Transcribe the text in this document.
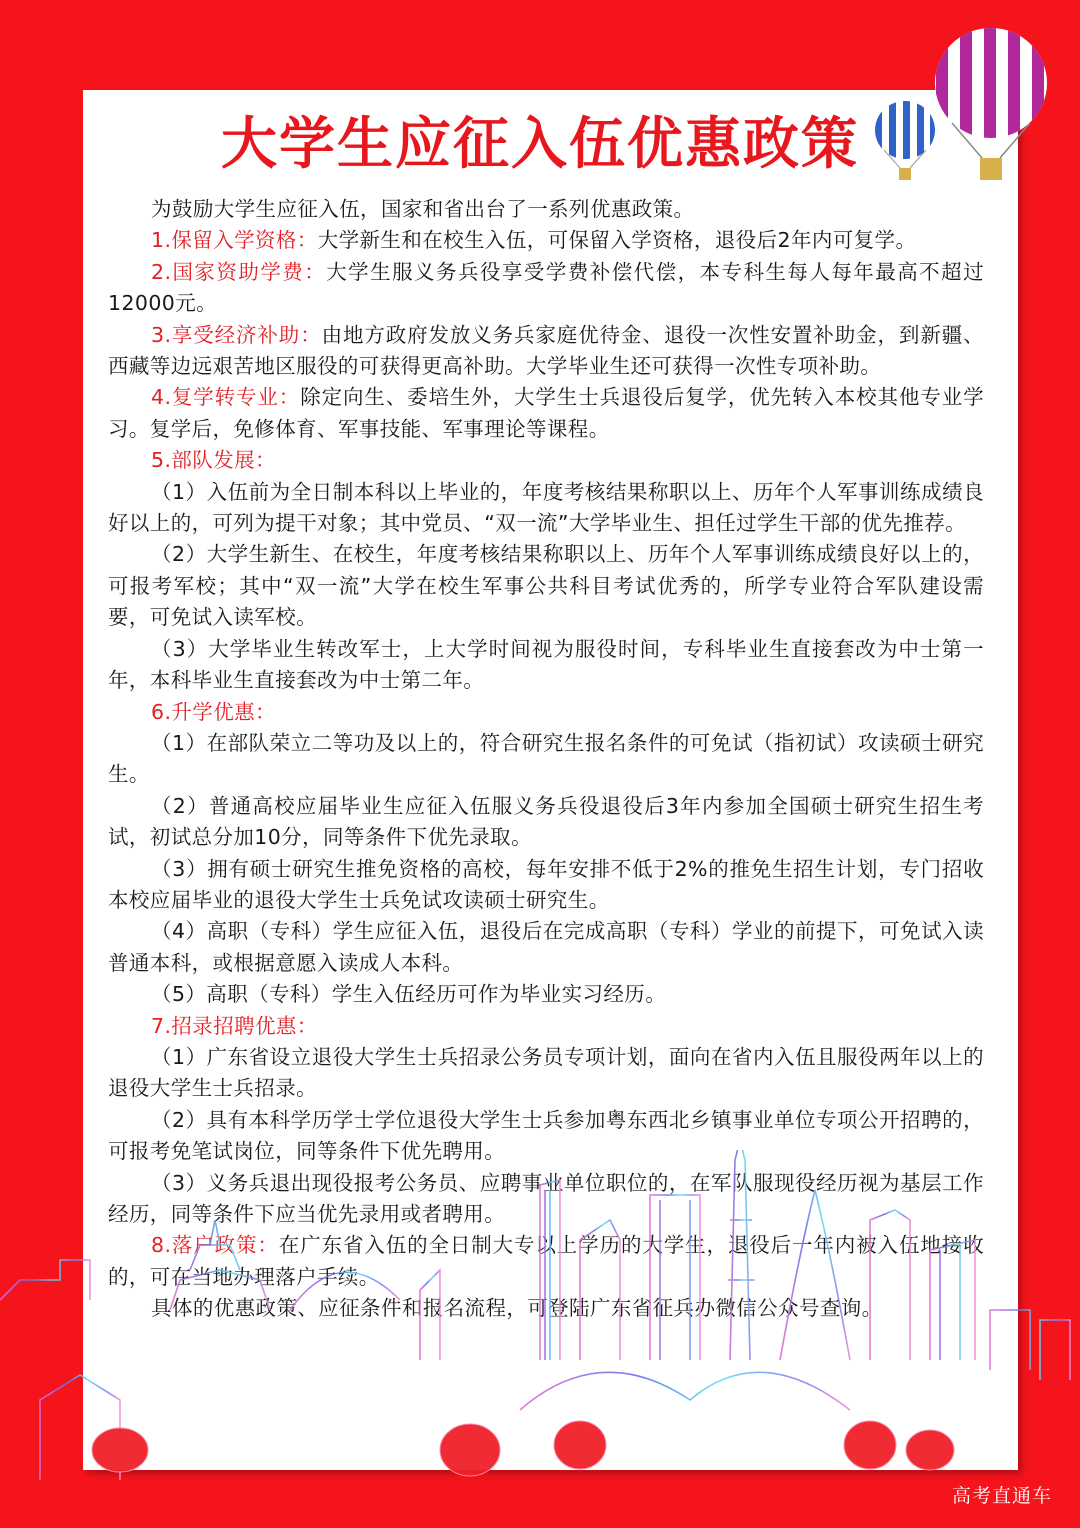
大学生应征入伍优惠政策

为鼓励大学生应征入伍，国家和省出台了一系列优惠政策。

1.保留入学资格：大学新生和在校生入伍，可保留入学资格，退役后2年内可复学。

2.国家资助学费：大学生服义务兵役享受学费补偿代偿，本专科生每人每年最高不超过12000元。

3.享受经济补助：由地方政府发放义务兵家庭优待金、退役一次性安置补助金，到新疆、西藏等边远艰苦地区服役的可获得更高补助。大学毕业生还可获得一次性专项补助。

4.复学转专业：除定向生、委培生外，大学生士兵退役后复学，优先转入本校其他专业学习。复学后，免修体育、军事技能、军事理论等课程。

5.部队发展：

（1）入伍前为全日制本科以上毕业的，年度考核结果称职以上、历年个人军事训练成绩良好以上的，可列为提干对象；其中党员、“双一流”大学毕业生、担任过学生干部的优先推荐。

（2）大学生新生、在校生，年度考核结果称职以上、历年个人军事训练成绩良好以上的，可报考军校；其中“双一流”大学在校生军事公共科目考试优秀的，所学专业符合军队建设需要，可免试入读军校。

（3）大学毕业生转改军士，上大学时间视为服役时间，专科毕业生直接套改为中士第一年，本科毕业生直接套改为中士第二年。

6.升学优惠：

（1）在部队荣立二等功及以上的，符合研究生报名条件的可免试（指初试）攻读硕士研究生。

（2）普通高校应届毕业生应征入伍服义务兵役退役后3年内参加全国硕士研究生招生考试，初试总分加10分，同等条件下优先录取。

（3）拥有硕士研究生推免资格的高校，每年安排不低于2%的推免生招生计划，专门招收本校应届毕业的退役大学生士兵免试攻读硕士研究生。

（4）高职（专科）学生应征入伍，退役后在完成高职（专科）学业的前提下，可免试入读普通本科，或根据意愿入读成人本科。

（5）高职（专科）学生入伍经历可作为毕业实习经历。

7.招录招聘优惠：

（1）广东省设立退役大学生士兵招录公务员专项计划，面向在省内入伍且服役两年以上的退役大学生士兵招录。

（2）具有本科学历学士学位退役大学生士兵参加粤东西北乡镇事业单位专项公开招聘的，可报考免笔试岗位，同等条件下优先聘用。

（3）义务兵退出现役报考公务员、应聘事业单位职位的，在军队服现役经历视为基层工作经历，同等条件下应当优先录用或者聘用。

8.落户政策：在广东省入伍的全日制大专以上学历的大学生，退役后一年内被入伍地接收的，可在当地办理落户手续。

具体的优惠政策、应征条件和报名流程，可登陆广东省征兵办微信公众号查询。

高考直通车
